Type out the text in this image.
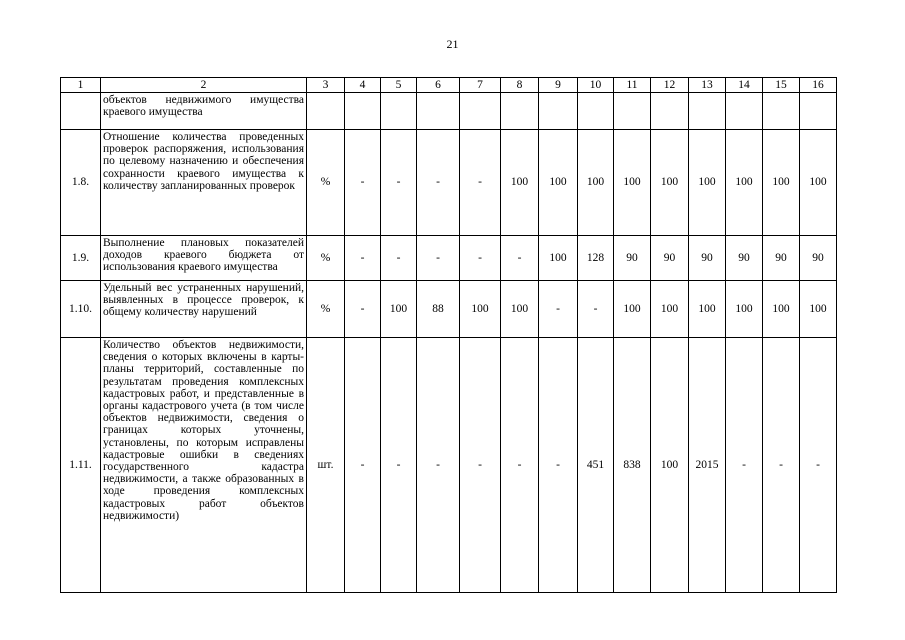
21
1	2	3	4	5	6	7	8	9	10	11	12	13	14	15	16
	объектов недвижимого имущества краевого имущества														
1.8.	Отношение количества проведенных проверок распоряжения, использования по целевому назначению и обеспечения сохранности краевого имущества к количеству запланированных проверок	%	-	-	-	-	100	100	100	100	100	100	100	100	100
1.9.	Выполнение плановых показателей доходов краевого бюджета от использования краевого имущества	%	-	-	-	-	-	100	128	90	90	90	90	90	90
1.10.	Удельный вес устраненных нарушений, выявленных в процессе проверок, к общему количеству нарушений	%	-	100	88	100	100	-	-	100	100	100	100	100	100
1.11.	Количество объектов недвижимости, сведения о которых включены в карты-планы территорий, составленные по результатам проведения комплексных кадастровых работ, и представленные в органы кадастрового учета (в том числе объектов недвижимости, сведения о границах которых уточнены, установлены, по которым исправлены кадастровые ошибки в сведениях государственного кадастра недвижимости, а также образованных в ходе проведения комплексных кадастровых работ объектов недвижимости)	шт.	-	-	-	-	-	-	451	838	100	2015	-	-	-
